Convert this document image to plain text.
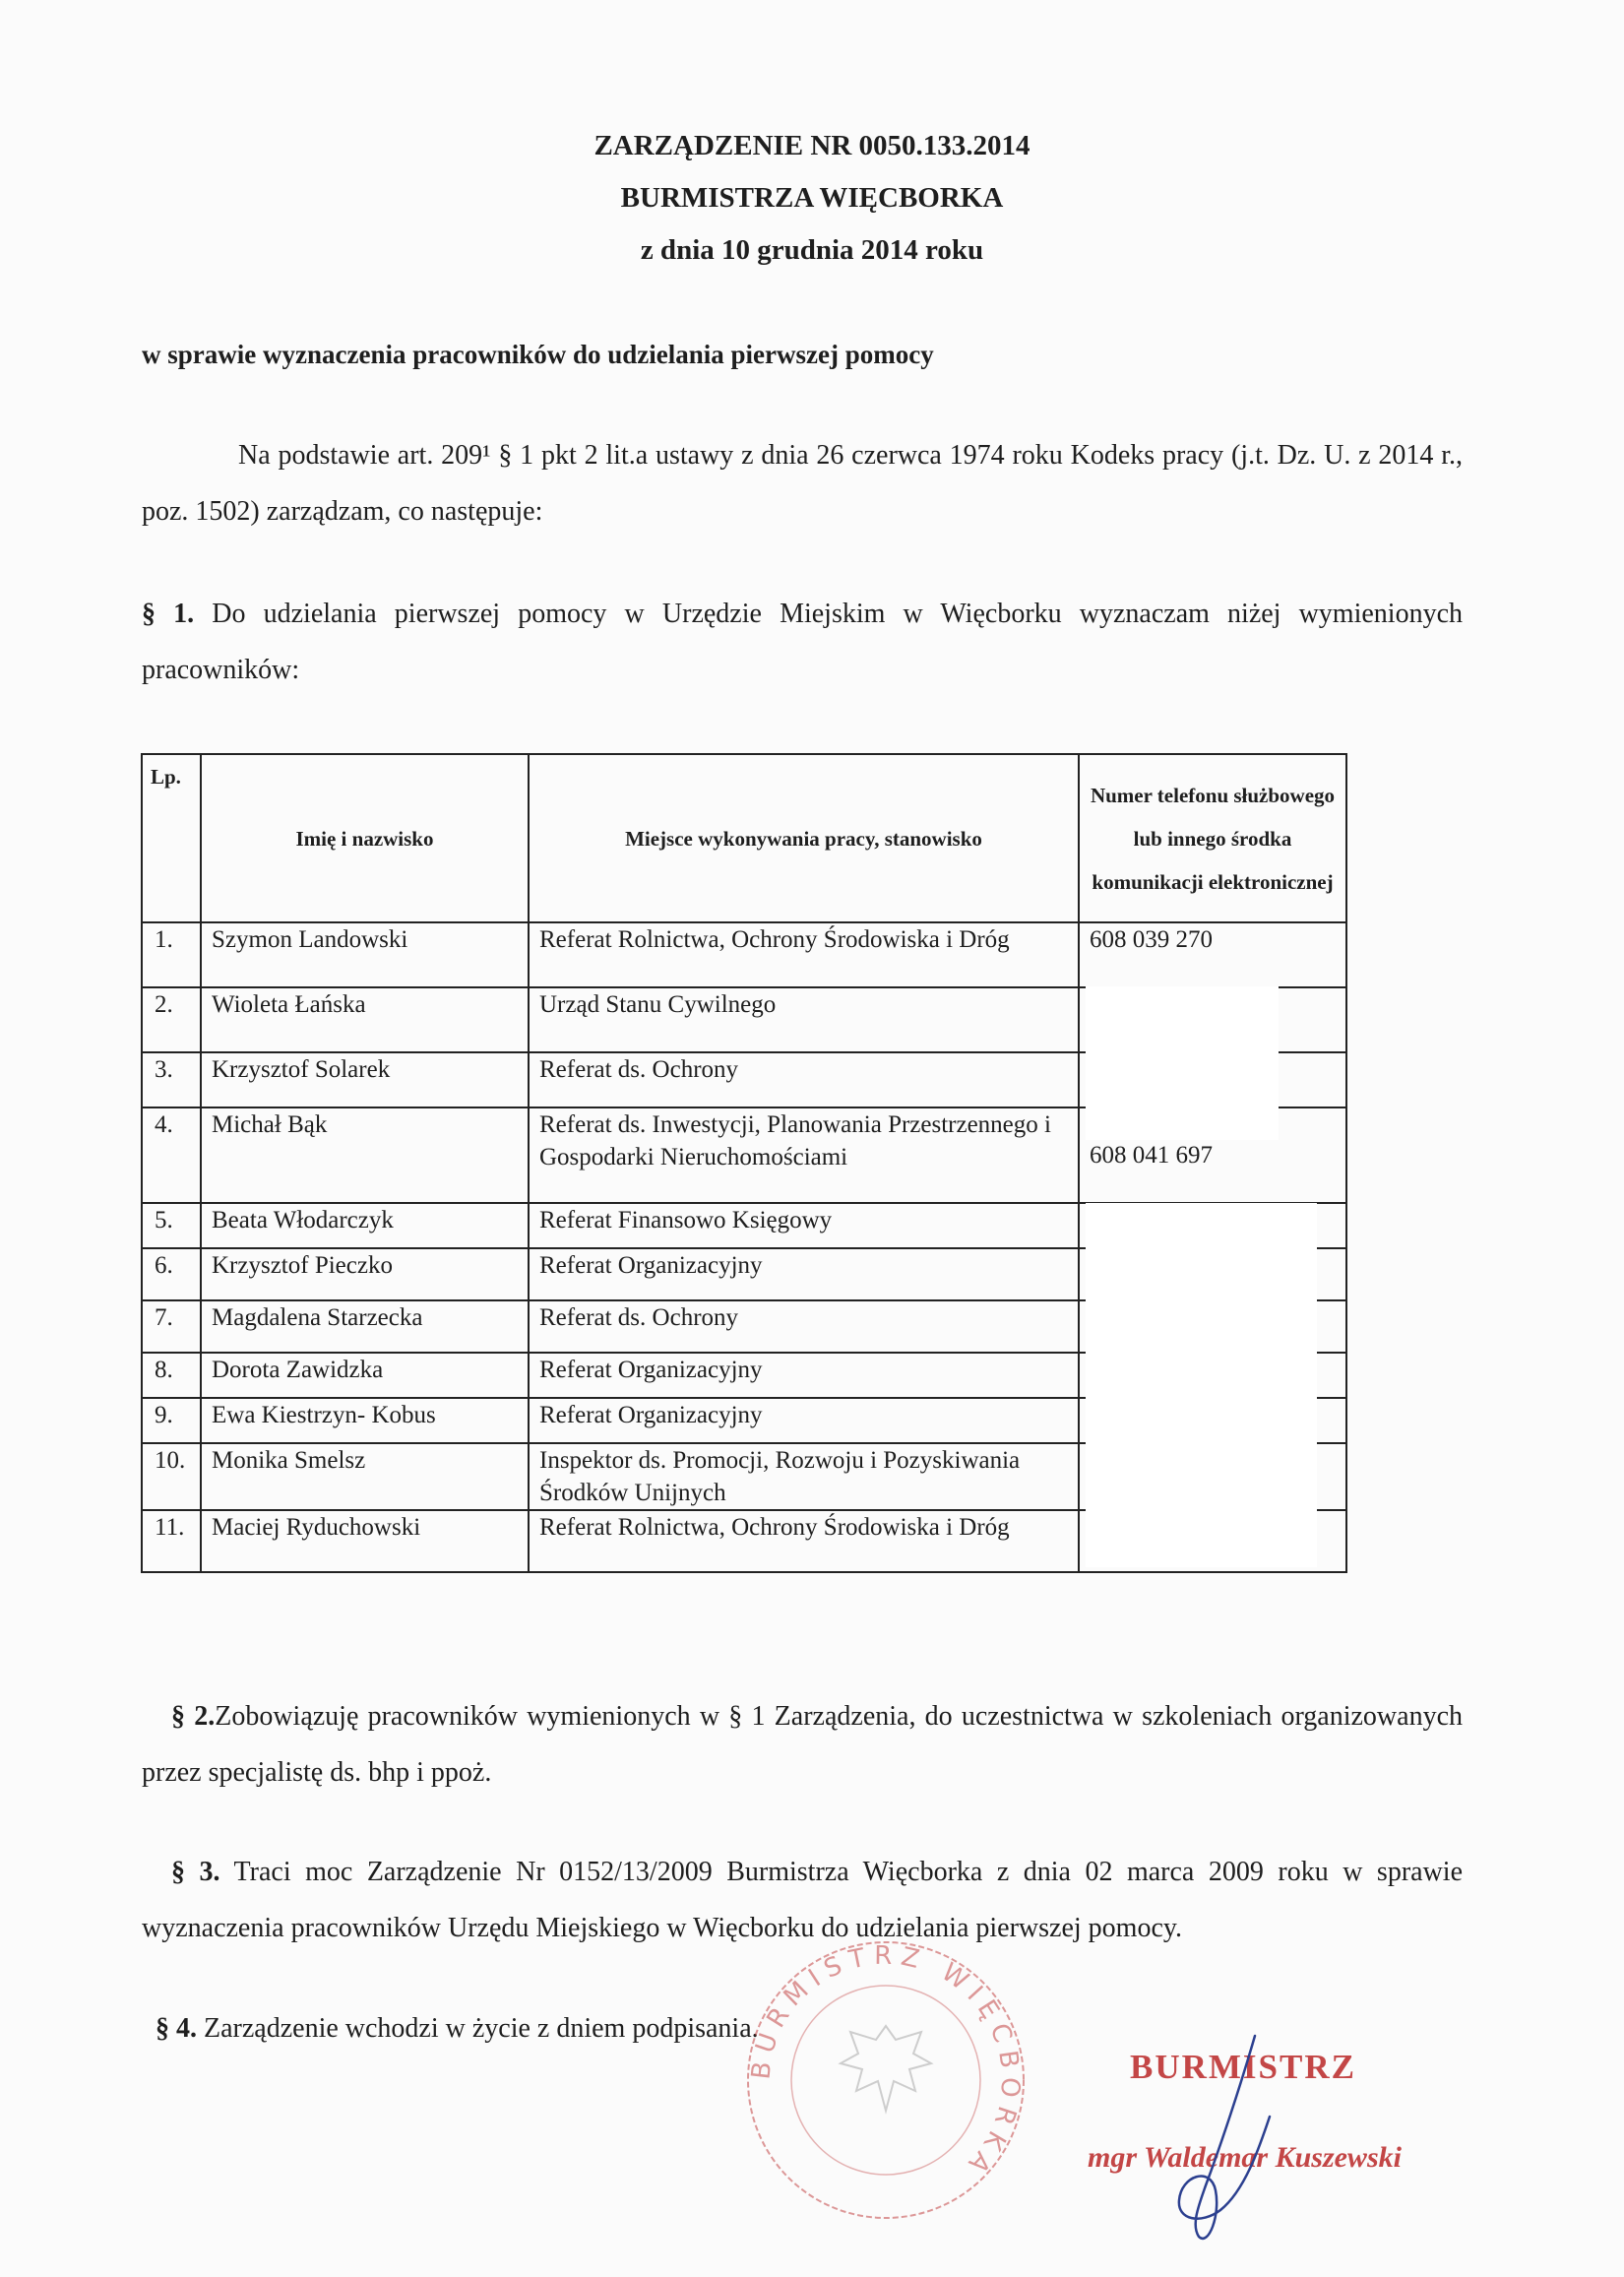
ZARZĄDZENIE NR 0050.133.2014
BURMISTRZA WIĘCBORKA
z dnia 10 grudnia 2014 roku
w sprawie wyznaczenia pracowników do udzielania pierwszej pomocy
Na podstawie art. 209¹ § 1 pkt 2 lit.a ustawy z dnia 26 czerwca 1974 roku Kodeks pracy (j.t. Dz. U. z 2014 r., poz. 1502) zarządzam, co następuje:
§ 1. Do udzielania pierwszej pomocy w Urzędzie Miejskim w Więcborku wyznaczam niżej wymienionych pracowników:
Lp.	Imię i nazwisko	Miejsce wykonywania pracy, stanowisko	Numer telefonu służbowego lub innego środka komunikacji elektronicznej
1.	Szymon Landowski	Referat Rolnictwa, Ochrony Środowiska i Dróg	608 039 270
2.	Wioleta Łańska	Urząd Stanu Cywilnego	
3.	Krzysztof Solarek	Referat ds. Ochrony	
4.	Michał Bąk	Referat ds. Inwestycji, Planowania Przestrzennego i Gospodarki Nieruchomościami	608 041 697
5.	Beata Włodarczyk	Referat Finansowo Księgowy	
6.	Krzysztof Pieczko	Referat Organizacyjny	
7.	Magdalena Starzecka	Referat ds. Ochrony	
8.	Dorota Zawidzka	Referat Organizacyjny	
9.	Ewa Kiestrzyn- Kobus	Referat Organizacyjny	
10.	Monika Smelsz	Inspektor ds. Promocji, Rozwoju i Pozyskiwania Środków Unijnych	
11.	Maciej Ryduchowski	Referat Rolnictwa, Ochrony Środowiska i Dróg	
§ 2.Zobowiązuję pracowników wymienionych w § 1 Zarządzenia, do uczestnictwa w szkoleniach organizowanych przez specjalistę ds. bhp i ppoż.
§ 3. Traci moc Zarządzenie Nr 0152/13/2009 Burmistrza Więcborka z dnia 02 marca 2009 roku w sprawie wyznaczenia pracowników Urzędu Miejskiego w Więcborku do udzielania pierwszej pomocy.
§ 4. Zarządzenie wchodzi w życie z dniem podpisania.
BURMISTRZ WIĘCBORKA
BURMISTRZ
mgr Waldemar Kuszewski
